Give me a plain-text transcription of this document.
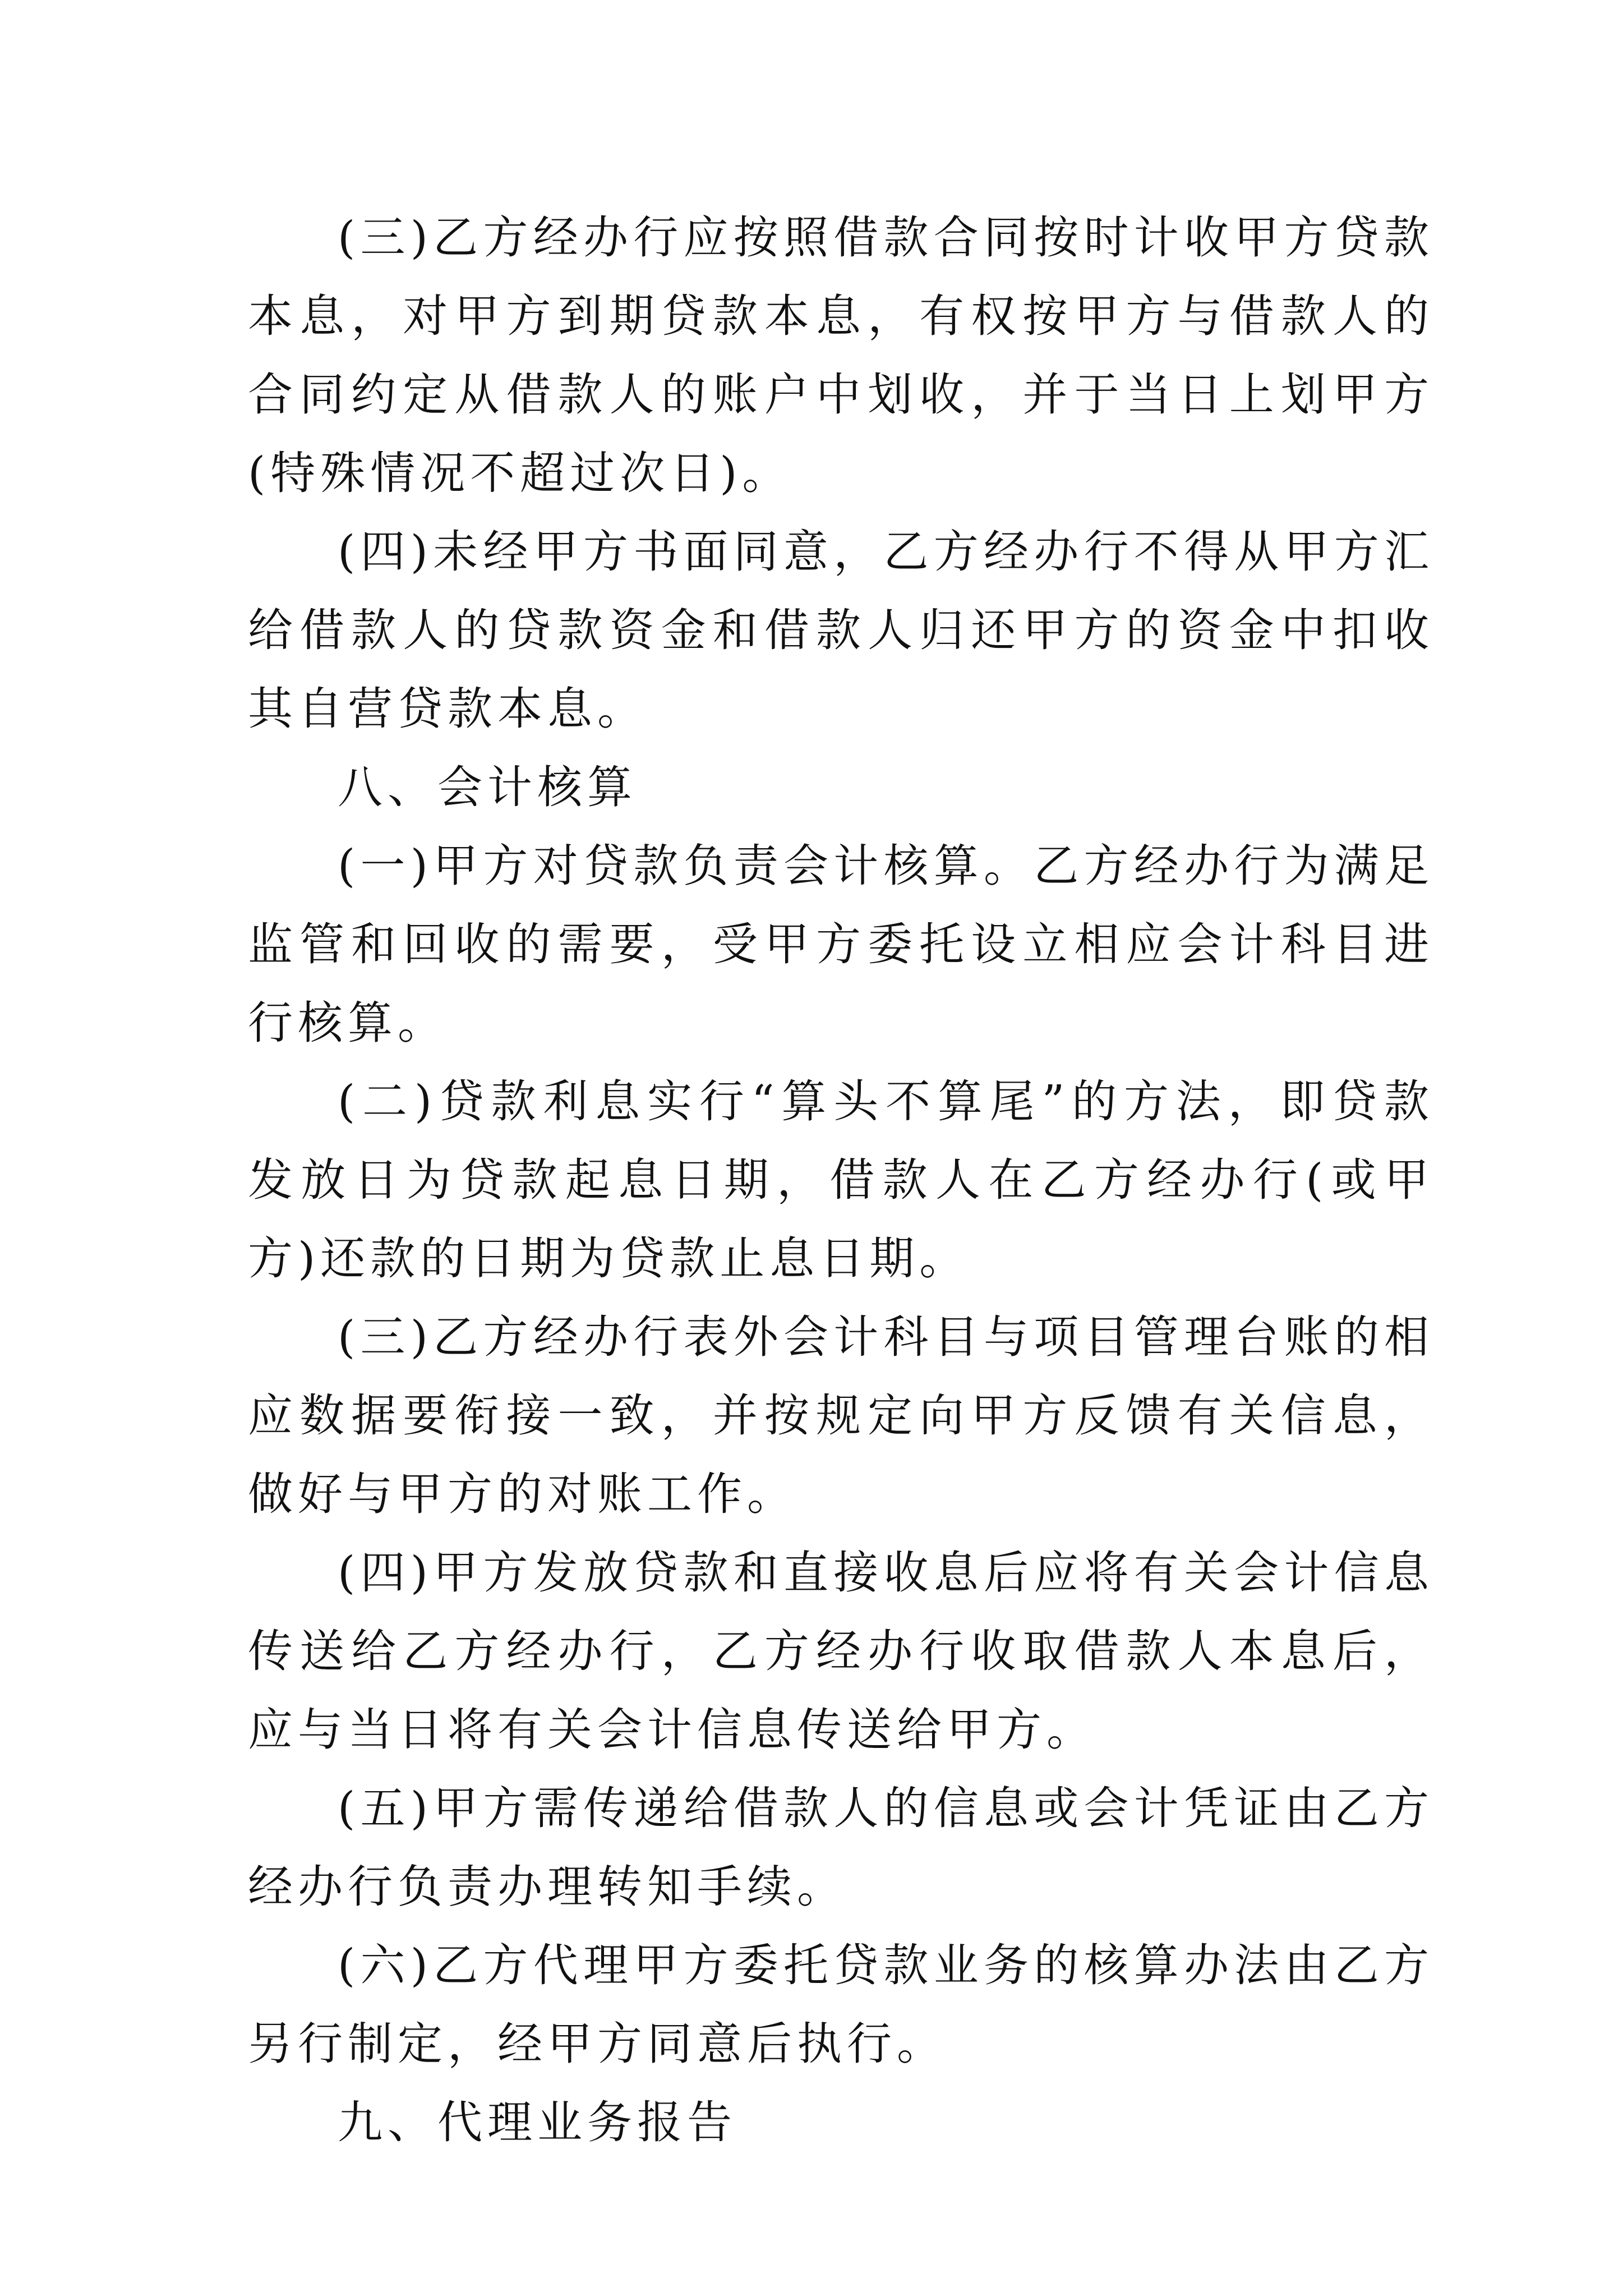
(三)乙方经办行应按照借款合同按时计收甲方贷款本息，对甲方到期贷款本息，有权按甲方与借款人的合同约定从借款人的账户中划收，并于当日上划甲方(特殊情况不超过次日)。

(四)未经甲方书面同意，乙方经办行不得从甲方汇给借款人的贷款资金和借款人归还甲方的资金中扣收其自营贷款本息。

八、会计核算

(一)甲方对贷款负责会计核算。乙方经办行为满足监管和回收的需要，受甲方委托设立相应会计科目进行核算。

(二)贷款利息实行“算头不算尾”的方法，即贷款发放日为贷款起息日期，借款人在乙方经办行(或甲方)还款的日期为贷款止息日期。

(三)乙方经办行表外会计科目与项目管理台账的相应数据要衔接一致，并按规定向甲方反馈有关信息，做好与甲方的对账工作。

(四)甲方发放贷款和直接收息后应将有关会计信息传送给乙方经办行，乙方经办行收取借款人本息后，应与当日将有关会计信息传送给甲方。

(五)甲方需传递给借款人的信息或会计凭证由乙方经办行负责办理转知手续。

(六)乙方代理甲方委托贷款业务的核算办法由乙方另行制定，经甲方同意后执行。

九、代理业务报告
